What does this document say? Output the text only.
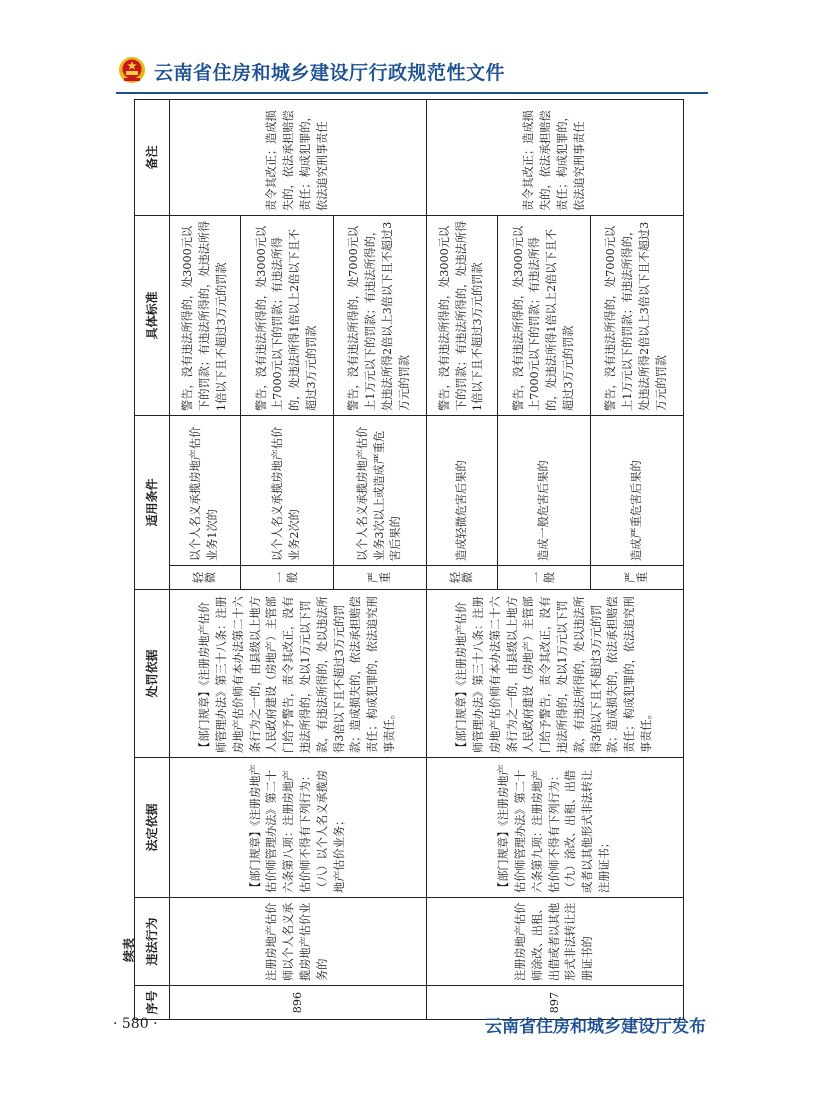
云南省住房和城乡建设厅行政规范性文件
续表
序号	违法行为	法定依据	处罚依据	适用条件		具体标准	备注
896	注册房地产估价师以个人名义承揽房地产估价业务的	【部门规章】《注册房地产估价师管理办法》第二十六条第八项：注册房地产估价师不得有下列行为：（八）以个人名义承揽房地产估价业务；	【部门规章】《注册房地产估价师管理办法》第三十八条：注册房地产估价师有本办法第二十六条行为之一的，由县级以上地方人民政府建设（房地产）主管部门给予警告，责令其改正，没有违法所得的，处以1万元以下罚款，有违法所得的，处以违法所得3倍以下且不超过3万元的罚款；造成损失的，依法承担赔偿责任；构成犯罪的，依法追究刑事责任。	轻微	以个人名义承揽房地产估价业务1次的	警告，没有违法所得的，处3000元以下的罚款；有违法所得的，处违法所得1倍以下且不超过3万元的罚款	责令其改正；造成损失的，依法承担赔偿责任；构成犯罪的，依法追究刑事责任

				一般	以个人名义承揽房地产估价业务2次的	警告，没有违法所得的，处3000元以上7000元以下的罚款；有违法所得的，处违法所得1倍以上2倍以下且不超过3万元的罚款	

				严重	以个人名义承揽房地产估价业务3次以上或造成严重危害后果的	警告，没有违法所得的，处7000元以上1万元以下的罚款；有违法所得的，处违法所得2倍以上3倍以下且不超过3万元的罚款	
897	注册房地产估价师涂改、出租、出借或者以其他形式非法转让注册证书的	【部门规章】《注册房地产估价师管理办法》第二十六条第九项：注册房地产估价师不得有下列行为：（九）涂改、出租、出借或者以其他形式非法转让注册证书；	【部门规章】《注册房地产估价师管理办法》第三十八条：注册房地产估价师有本办法第二十六条行为之一的，由县级以上地方人民政府建设（房地产）主管部门给予警告，责令其改正，没有违法所得的，处以1万元以下罚款，有违法所得的，处以违法所得3倍以下且不超过3万元的罚款；造成损失的，依法承担赔偿责任；构成犯罪的，依法追究刑事责任。	轻微	造成轻微危害后果的	警告，没有违法所得的，处3000元以下的罚款；有违法所得的，处违法所得1倍以下且不超过3万元的罚款	责令其改正；造成损失的，依法承担赔偿责任；构成犯罪的，依法追究刑事责任

				一般	造成一般危害后果的	警告，没有违法所得的，处3000元以上7000元以下的罚款；有违法所得的，处违法所得1倍以上2倍以下且不超过3万元的罚款	

				严重	造成严重危害后果的	警告，没有违法所得的，处7000元以上1万元以下的罚款；有违法所得的，处违法所得2倍以上3倍以下且不超过3万元的罚款	
· 580 ·	云南省住房和城乡建设厅发布
